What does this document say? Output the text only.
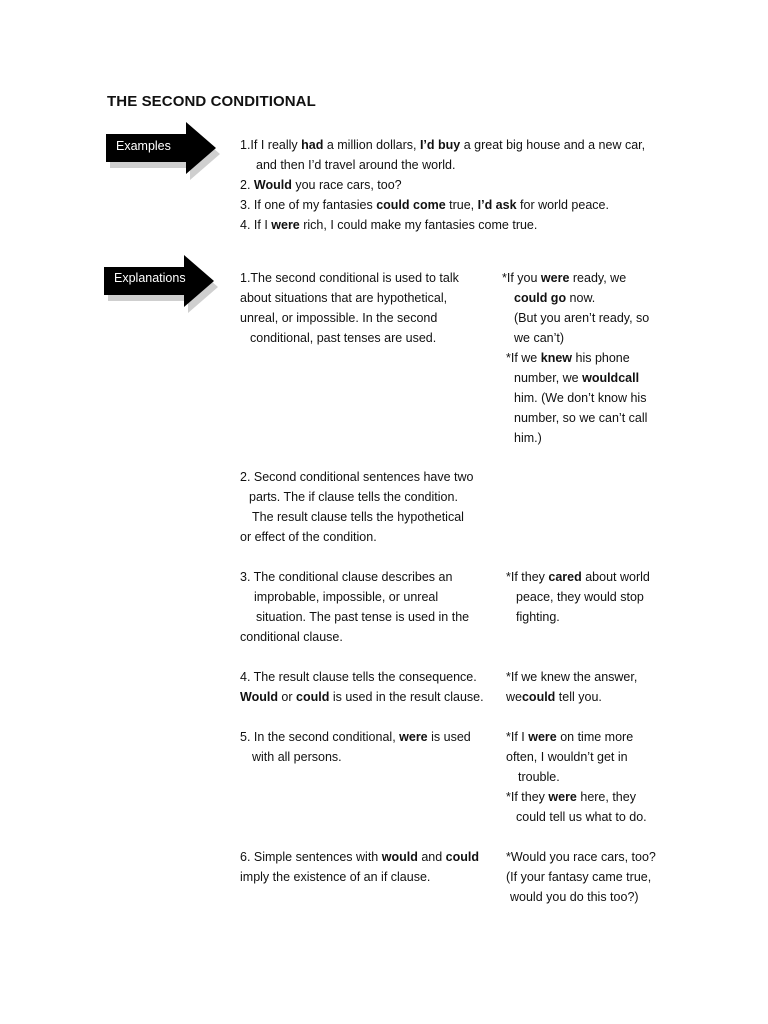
THE SECOND CONDITIONAL
Examples
Explanations
1.If I really had a million dollars, I’d buy a great big house and a new car,
and then I’d travel around the world.
2. Would you race cars, too?
3. If one of my fantasies could come true, I’d ask for world peace.
4. If I were rich, I could make my fantasies come true.
1.The second conditional is used to talk
about situations that are hypothetical,
unreal, or impossible. In the second
conditional, past tenses are used.
*If you were ready, we
could go now.
(But you aren’t ready, so
we can’t)
*If we knew his phone
number, we wouldcall
him. (We don’t know his
number, so we can’t call
him.)
2. Second conditional sentences have two
parts. The if clause tells the condition.
The result clause tells the hypothetical
or effect of the condition.
3. The conditional clause describes an
improbable, impossible, or unreal
situation. The past tense is used in the
conditional clause.
*If they cared about world
peace, they would stop
fighting.
4. The result clause tells the consequence.
Would or could is used in the result clause.
*If we knew the answer,
wecould tell you.
5. In the second conditional, were is used
with all persons.
*If I were on time more
often, I wouldn’t get in
trouble.
*If they were here, they
could tell us what to do.
6. Simple sentences with would and could
imply the existence of an if clause.
*Would you race cars, too?
(If your fantasy came true,
would you do this too?)
